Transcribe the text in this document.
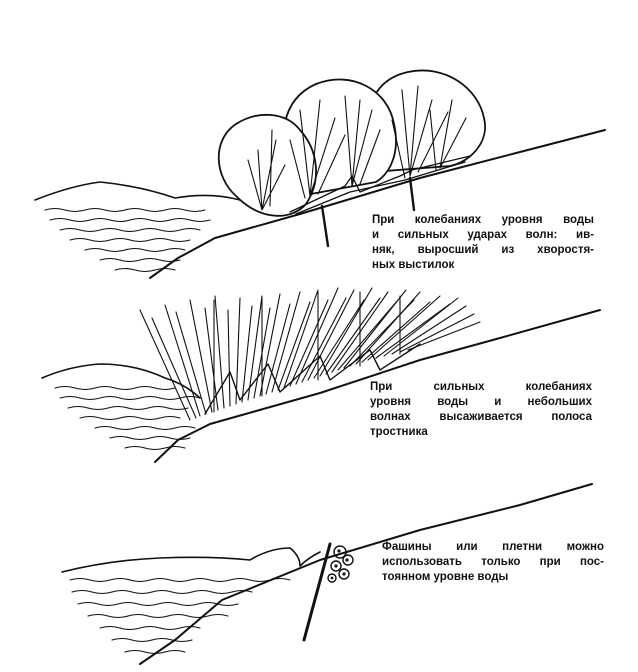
При колебаниях уровня воды
и сильных ударах волн: ив-
няк, выросший из хворостя-
ных выстилок
При сильных колебаниях
уровня воды и небольших
волнах высаживается полоса
тростника
Фашины или плетни можно
использовать только при пос-
тоянном уровне воды
